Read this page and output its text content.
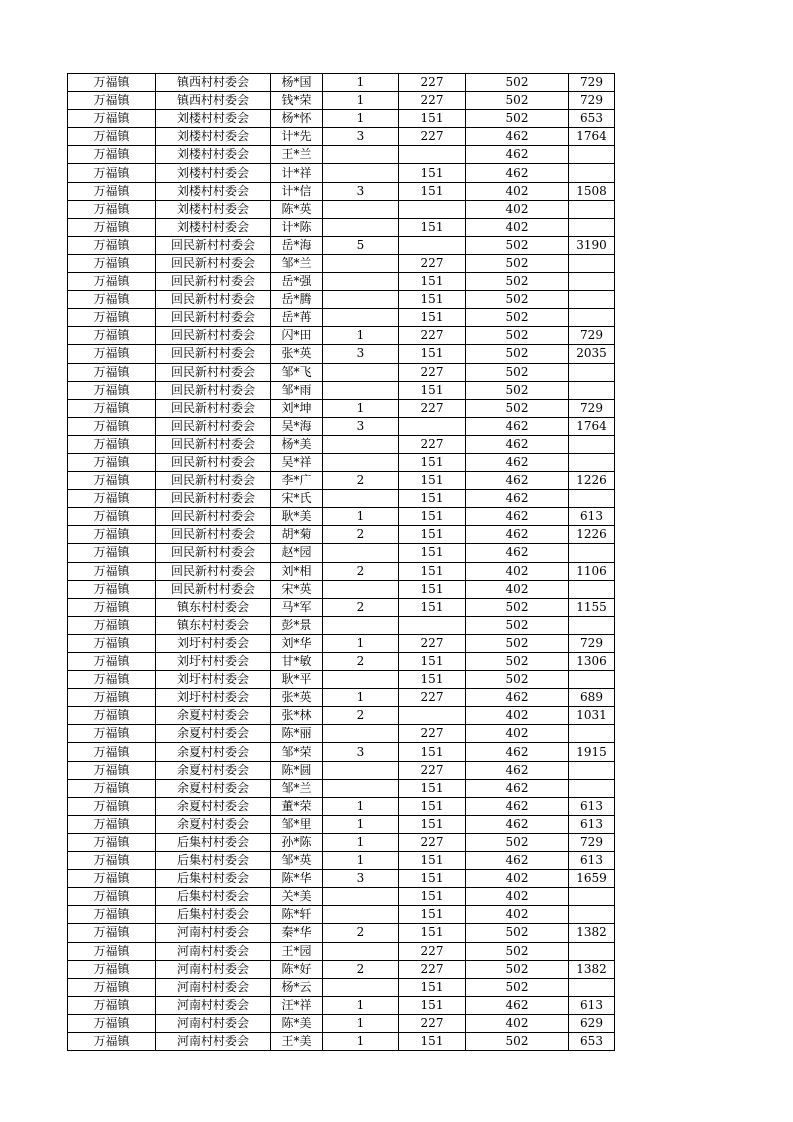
万福镇	镇西村村委会	杨*国	1	227	502	729
万福镇	镇西村村委会	钱*荣	1	227	502	729
万福镇	刘楼村村委会	杨*怀	1	151	502	653
万福镇	刘楼村村委会	计*先	3	227	462	1764
万福镇	刘楼村村委会	王*兰			462	
万福镇	刘楼村村委会	计*祥		151	462	
万福镇	刘楼村村委会	计*信	3	151	402	1508
万福镇	刘楼村村委会	陈*英			402	
万福镇	刘楼村村委会	计*陈		151	402	
万福镇	回民新村村委会	岳*海	5		502	3190
万福镇	回民新村村委会	邹*兰		227	502	
万福镇	回民新村村委会	岳*强		151	502	
万福镇	回民新村村委会	岳*腾		151	502	
万福镇	回民新村村委会	岳*苒		151	502	
万福镇	回民新村村委会	闪*田	1	227	502	729
万福镇	回民新村村委会	张*英	3	151	502	2035
万福镇	回民新村村委会	邹*飞		227	502	
万福镇	回民新村村委会	邹*雨		151	502	
万福镇	回民新村村委会	刘*坤	1	227	502	729
万福镇	回民新村村委会	吴*海	3		462	1764
万福镇	回民新村村委会	杨*美		227	462	
万福镇	回民新村村委会	吴*祥		151	462	
万福镇	回民新村村委会	李*广	2	151	462	1226
万福镇	回民新村村委会	宋*氏		151	462	
万福镇	回民新村村委会	耿*美	1	151	462	613
万福镇	回民新村村委会	胡*菊	2	151	462	1226
万福镇	回民新村村委会	赵*园		151	462	
万福镇	回民新村村委会	刘*相	2	151	402	1106
万福镇	回民新村村委会	宋*英		151	402	
万福镇	镇东村村委会	马*军	2	151	502	1155
万福镇	镇东村村委会	彭*景			502	
万福镇	刘圩村村委会	刘*华	1	227	502	729
万福镇	刘圩村村委会	甘*敏	2	151	502	1306
万福镇	刘圩村村委会	耿*平		151	502	
万福镇	刘圩村村委会	张*英	1	227	462	689
万福镇	余夏村村委会	张*林	2		402	1031
万福镇	余夏村村委会	陈*丽		227	402	
万福镇	余夏村村委会	邹*荣	3	151	462	1915
万福镇	余夏村村委会	陈*圆		227	462	
万福镇	余夏村村委会	邹*兰		151	462	
万福镇	余夏村村委会	董*荣	1	151	462	613
万福镇	余夏村村委会	邹*里	1	151	462	613
万福镇	后集村村委会	孙*陈	1	227	502	729
万福镇	后集村村委会	邹*英	1	151	462	613
万福镇	后集村村委会	陈*华	3	151	402	1659
万福镇	后集村村委会	关*美		151	402	
万福镇	后集村村委会	陈*轩		151	402	
万福镇	河南村村委会	秦*华	2	151	502	1382
万福镇	河南村村委会	王*园		227	502	
万福镇	河南村村委会	陈*好	2	227	502	1382
万福镇	河南村村委会	杨*云		151	502	
万福镇	河南村村委会	汪*祥	1	151	462	613
万福镇	河南村村委会	陈*美	1	227	402	629
万福镇	河南村村委会	王*美	1	151	502	653
